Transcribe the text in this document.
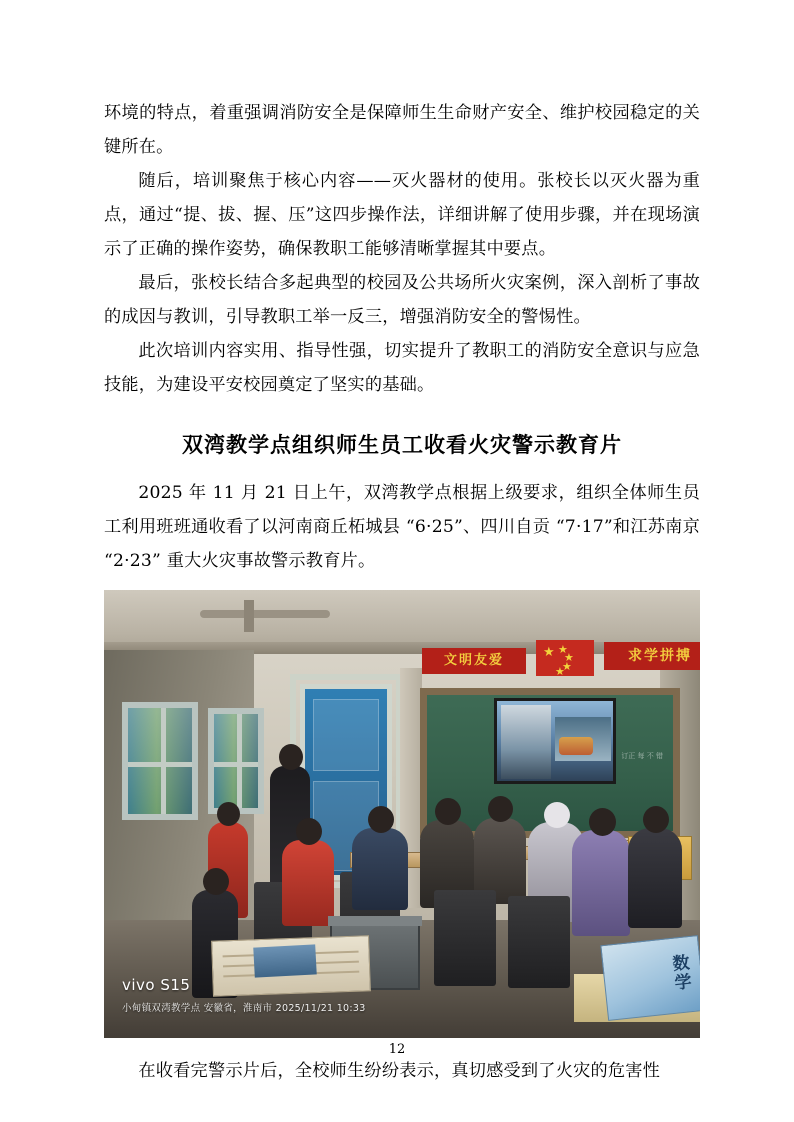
环境的特点，着重强调消防安全是保障师生生命财产安全、维护校园稳定的关键所在。

随后，培训聚焦于核心内容——灭火器材的使用。张校长以灭火器为重点，通过“提、拔、握、压”这四步操作法，详细讲解了使用步骤，并在现场演示了正确的操作姿势，确保教职工能够清晰掌握其中要点。

最后，张校长结合多起典型的校园及公共场所火灾案例，深入剖析了事故的成因与教训，引导教职工举一反三，增强消防安全的警惕性。

此次培训内容实用、指导性强，切实提升了教职工的消防安全意识与应急技能，为建设平安校园奠定了坚实的基础。

双湾教学点组织师生员工收看火灾警示教育片

2025 年 11 月 21 日上午，双湾教学点根据上级要求，组织全体师生员工利用班班通收看了以河南商丘柘城县 “6·25”、四川自贡 “7·17”和江苏南京 “2·23” 重大火灾事故警示教育片。

文明友爱
★ ★
★
★
★
求学拼搏
订正 每 不 错
数学
vivo S15
小甸镇双湾教学点 安徽省，淮南市 2025/11/21 10:33

在收看完警示片后，全校师生纷纷表示，真切感受到了火灾的危害性

12
